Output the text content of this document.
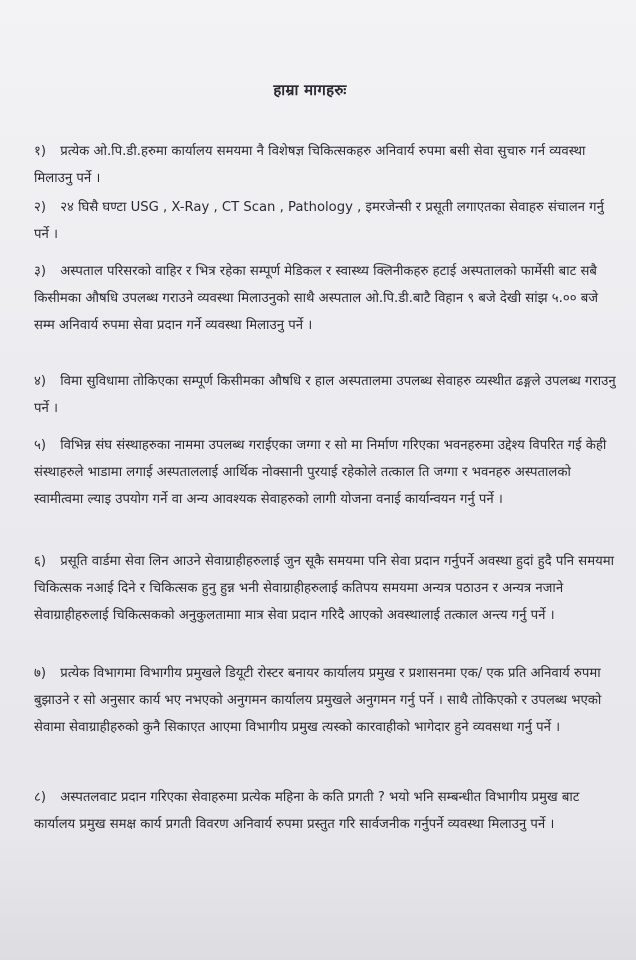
हाम्रा मागहरुः
१) प्रत्येक ओ.पि.डी.हरुमा कार्यालय समयमा नै विशेषज्ञ चिकित्सकहरु अनिवार्य रुपमा बसी सेवा सुचारु गर्न व्यवस्था मिलाउनु पर्ने ।
२) २४ घिसै घण्टा USG , X-Ray , CT Scan , Pathology , इमरजेन्सी र प्रसूती लगाएतका सेवाहरु संचालन गर्नु पर्ने ।
३) अस्पताल परिसरको वाहिर र भित्र रहेका सम्पूर्ण मेडिकल र स्वास्थ्य क्लिनीकहरु हटाई अस्पतालको फार्मेसी बाट सबै किसीमका औषधि उपलब्ध गराउने व्यवस्था मिलाउनुको साथै अस्पताल ओ.पि.डी.बाटै विहान ९ बजे देखी सांझ ५.०० बजे सम्म अनिवार्य रुपमा सेवा प्रदान गर्ने व्यवस्था मिलाउनु पर्ने ।
४) विमा सुविधामा तोकिएका सम्पूर्ण किसीमका औषधि र हाल अस्पतालमा उपलब्ध सेवाहरु व्यस्थीत ढङ्गले उपलब्ध गराउनु पर्ने ।
५) विभिन्न संघ संस्थाहरुका नाममा उपलब्ध गराईएका जग्गा र सो मा निर्माण गरिएका भवनहरुमा उद्देश्य विपरित गई केही संस्थाहरुले भाडामा लगाई अस्पताललाई आर्थिक नोक्सानी पुरयाई रहेकोले तत्काल ति जग्गा र भवनहरु अस्पतालको स्वामीत्वमा ल्याइ उपयोग गर्ने वा अन्य आवश्यक सेवाहरुको लागी योजना वनाई कार्यान्वयन गर्नु पर्ने ।
६) प्रसूति वार्डमा सेवा लिन आउने सेवाग्राहीहरुलाई जुन सूकै समयमा पनि सेवा प्रदान गर्नुपर्ने अवस्था हुदां हुदै पनि समयमा चिकित्सक नआई दिने र चिकित्सक हुनु हुन्न भनी सेवाग्राहीहरुलाई कतिपय समयमा अन्यत्र पठाउन र अन्यत्र नजाने सेवाग्राहीहरुलाई चिकित्सकको अनुकुलतामाा मात्र सेवा प्रदान गरिदै आएको अवस्थालाई तत्काल अन्त्य गर्नु पर्ने ।
७) प्रत्येक विभागमा विभागीय प्रमुखले डियूटी रोस्टर बनायर कार्यालय प्रमुख र प्रशासनमा एक/ एक प्रति अनिवार्य रुपमा बुझाउने र सो अनुसार कार्य भए नभएको अनुगमन कार्यालय प्रमुखले अनुगमन गर्नु पर्ने । साथै तोकिएको र उपलब्ध भएको सेवामा सेवाग्राहीहरुको कुनै सिकाएत आएमा विभागीय प्रमुख त्यस्को कारवाहीको भागेदार हुने व्यवसथा गर्नु पर्ने ।
८) अस्पतलवाट प्रदान गरिएका सेवाहरुमा प्रत्येक महिना के कति प्रगती ? भयो भनि सम्बन्धीत विभागीय प्रमुख बाट कार्यालय प्रमुख समक्ष कार्य प्रगती विवरण अनिवार्य रुपमा प्रस्तुत गरि सार्वजनीक गर्नुपर्ने व्यवस्था मिलाउनु पर्ने ।
